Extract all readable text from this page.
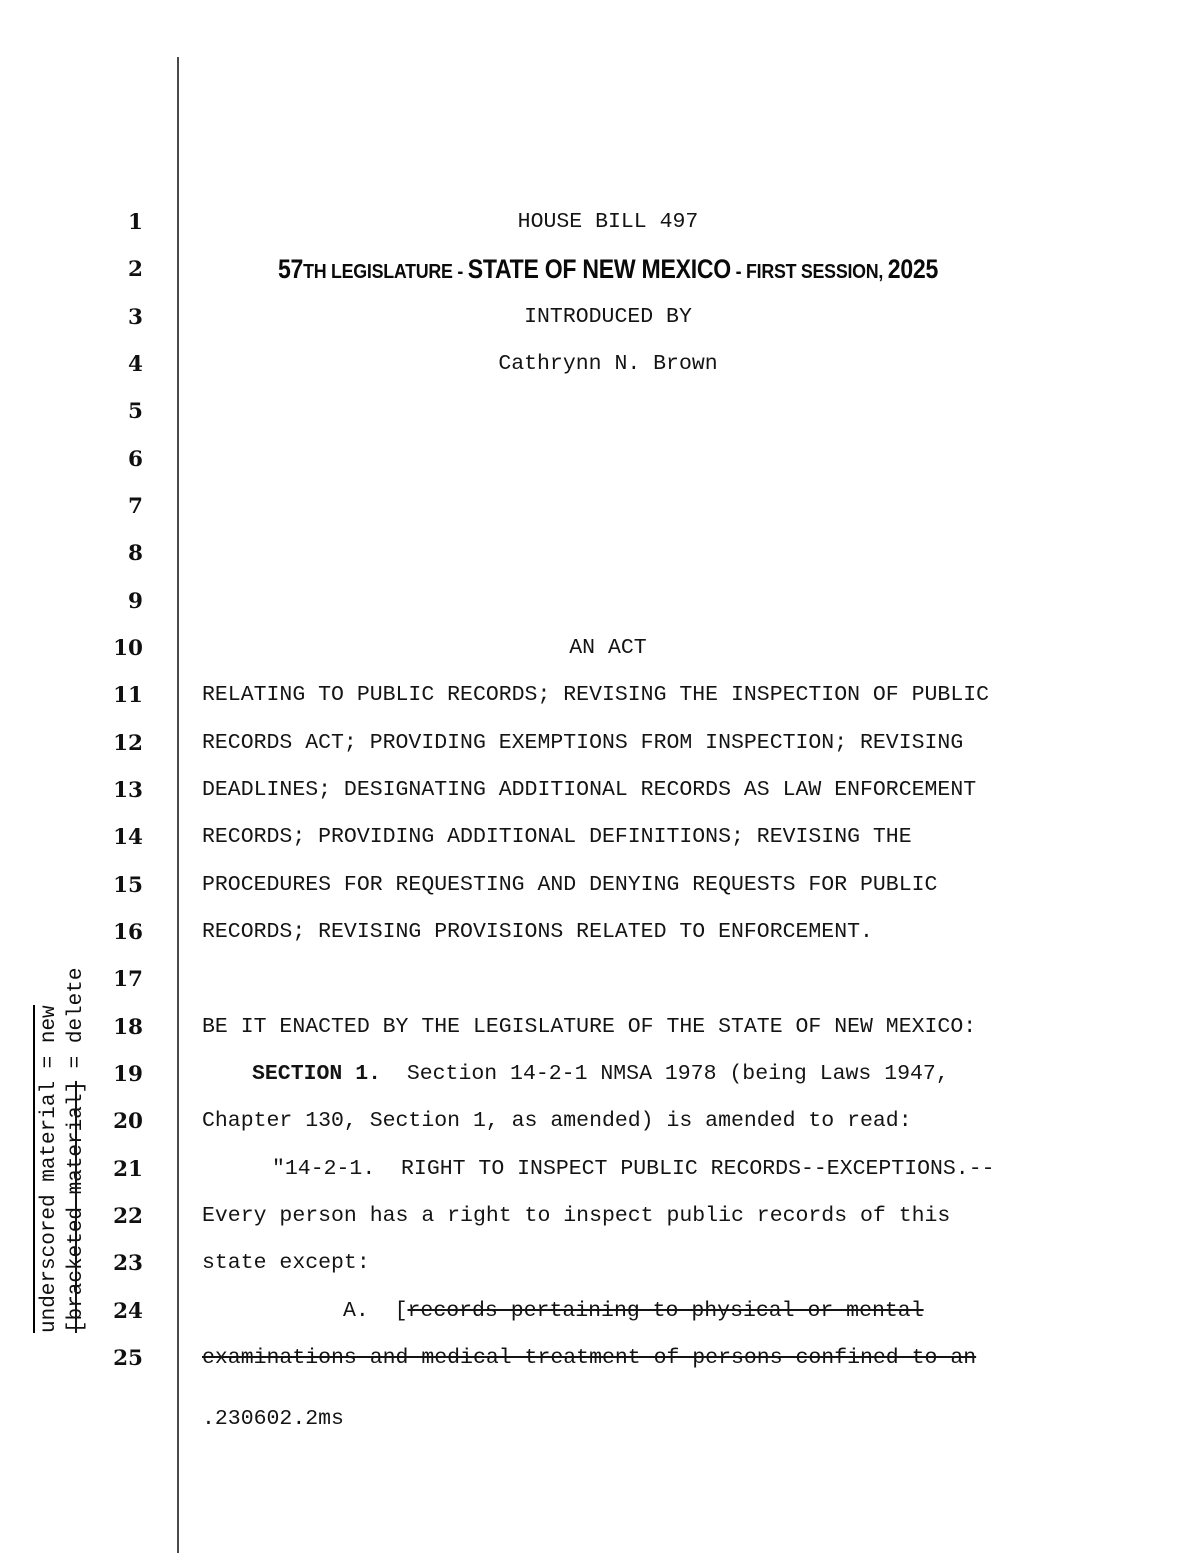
underscored material = new [bracketed material] = delete
1	HOUSE BILL 497
2	57TH LEGISLATURE - STATE OF NEW MEXICO - FIRST SESSION, 2025
3	INTRODUCED BY
4	Cathrynn N. Brown
5
6
7
8
9
10	AN ACT
11	RELATING TO PUBLIC RECORDS; REVISING THE INSPECTION OF PUBLIC
12	RECORDS ACT; PROVIDING EXEMPTIONS FROM INSPECTION; REVISING
13	DEADLINES; DESIGNATING ADDITIONAL RECORDS AS LAW ENFORCEMENT
14	RECORDS; PROVIDING ADDITIONAL DEFINITIONS; REVISING THE
15	PROCEDURES FOR REQUESTING AND DENYING REQUESTS FOR PUBLIC
16	RECORDS; REVISING PROVISIONS RELATED TO ENFORCEMENT.
17
18	BE IT ENACTED BY THE LEGISLATURE OF THE STATE OF NEW MEXICO:
19	SECTION 1.  Section 14-2-1 NMSA 1978 (being Laws 1947,
20	Chapter 130, Section 1, as amended) is amended to read:
21	"14-2-1.  RIGHT TO INSPECT PUBLIC RECORDS--EXCEPTIONS.--
22	Every person has a right to inspect public records of this
23	state except:
24	A.  [records pertaining to physical or mental
25	examinations and medical treatment of persons confined to an
.230602.2ms
